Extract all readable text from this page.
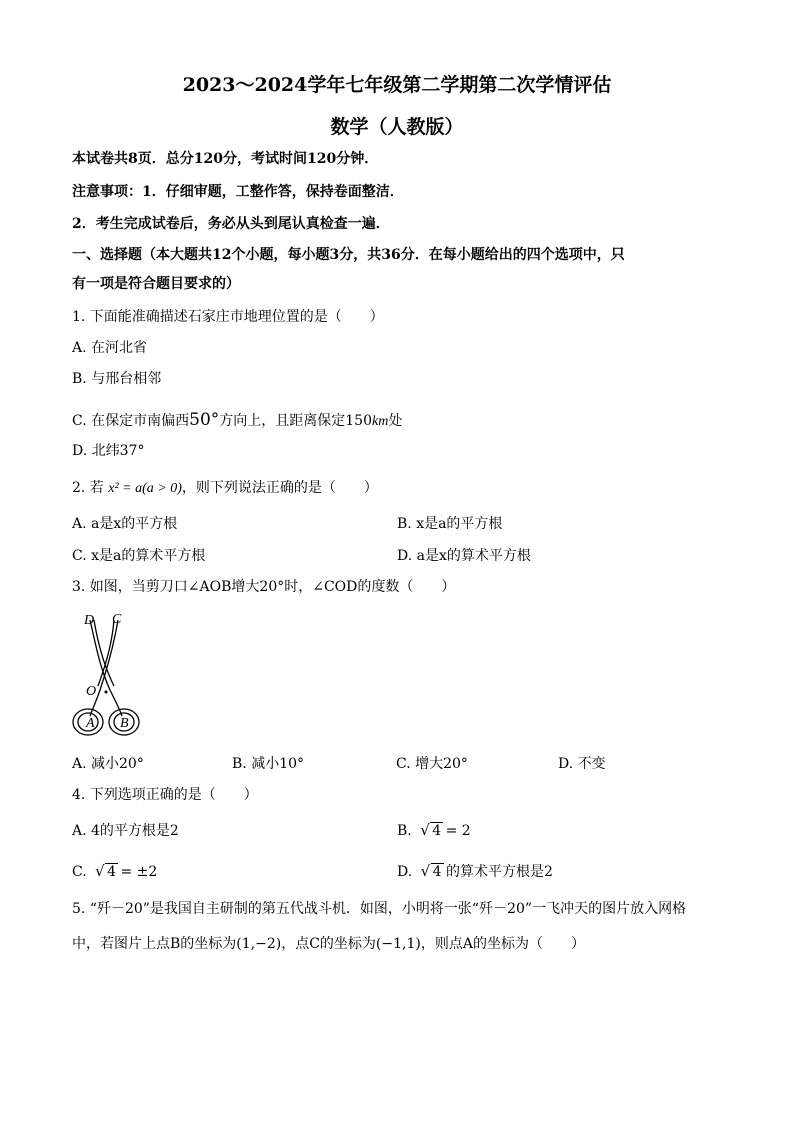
2023～2024学年七年级第二学期第二次学情评估
数学（人教版）
本试卷共8页．总分120分，考试时间120分钟．
注意事项：1．仔细审题，工整作答，保持卷面整洁．
2．考生完成试卷后，务必从头到尾认真检查一遍．
一、选择题（本大题共12个小题，每小题3分，共36分．在每小题给出的四个选项中，只
有一项是符合题目要求的）
1. 下面能准确描述石家庄市地理位置的是（　　）
A. 在河北省
B. 与邢台相邻
C. 在保定市南偏西50°方向上，且距离保定150km处
D. 北纬37°
2. 若 x² = a(a > 0)，则下列说法正确的是（　　）
A. a是x的平方根	B. x是a的平方根
C. x是a的算术平方根	D. a是x的算术平方根
3. 如图，当剪刀口∠AOB增大20°时，∠COD的度数（　　）
D C
O
A B
A. 减小20°	B. 减小10°	C. 增大20°	D. 不变
4. 下列选项正确的是（　　）
A. 4的平方根是2	B. √ 4 = 2
C. √ 4 = ±2	D. √ 4 的算术平方根是2
5. “歼－20”是我国自主研制的第五代战斗机．如图，小明将一张“歼－20”一飞冲天的图片放入网格
中，若图片上点B的坐标为(1,−2)，点C的坐标为(−1,1)，则点A的坐标为（　　）
